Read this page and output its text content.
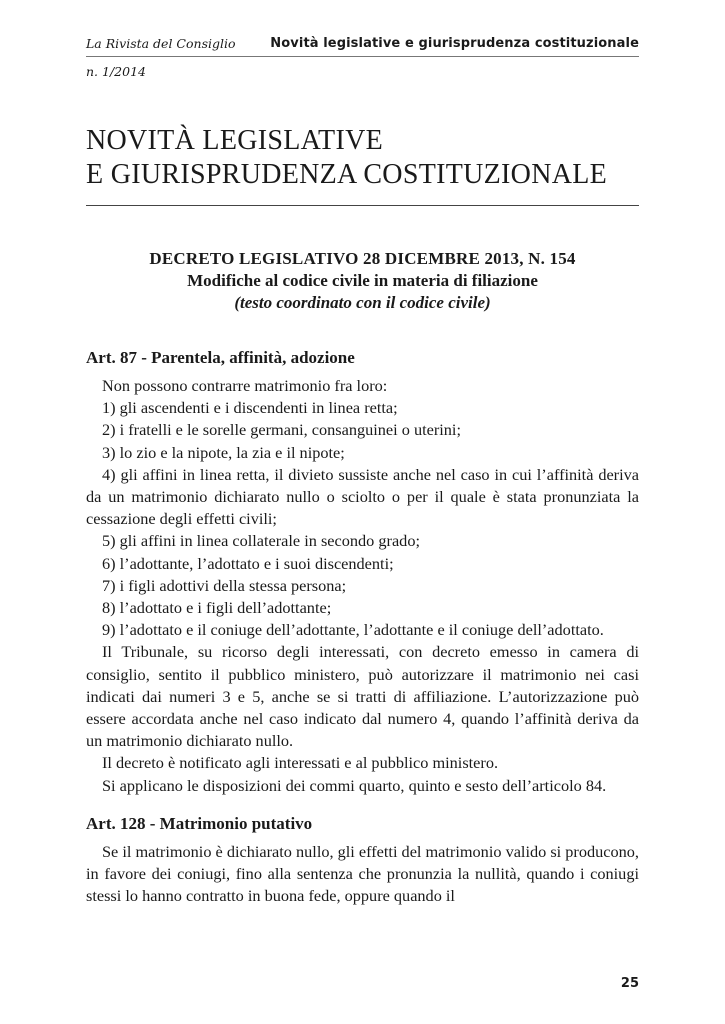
La Rivista del Consiglio	Novità legislative e giurisprudenza costituzionale
n. 1/2014
NOVITÀ LEGISLATIVE
E GIURISPRUDENZA COSTITUZIONALE
DECRETO LEGISLATIVO 28 DICEMBRE 2013, N. 154
Modifiche al codice civile in materia di filiazione
(testo coordinato con il codice civile)
Art. 87 - Parentela, affinità, adozione

Non possono contrarre matrimonio fra loro:

1) gli ascendenti e i discendenti in linea retta;

2) i fratelli e le sorelle germani, consanguinei o uterini;

3) lo zio e la nipote, la zia e il nipote;

4) gli affini in linea retta, il divieto sussiste anche nel caso in cui l’affinità deriva da un matrimonio dichiarato nullo o sciolto o per il quale è stata pronunziata la cessazione degli effetti civili;

5) gli affini in linea collaterale in secondo grado;

6) l’adottante, l’adottato e i suoi discendenti;

7) i figli adottivi della stessa persona;

8) l’adottato e i figli dell’adottante;

9) l’adottato e il coniuge dell’adottante, l’adottante e il coniuge dell’adottato.

Il Tribunale, su ricorso degli interessati, con decreto emesso in camera di consiglio, sentito il pubblico ministero, può autorizzare il matrimonio nei casi indicati dai numeri 3 e 5, anche se si tratti di affiliazione. L’autorizzazione può essere accordata anche nel caso indicato dal numero 4, quando l’affinità deriva da un matrimonio dichiarato nullo.

Il decreto è notificato agli interessati e al pubblico ministero.

Si applicano le disposizioni dei commi quarto, quinto e sesto dell’articolo 84.

Art. 128 - Matrimonio putativo

Se il matrimonio è dichiarato nullo, gli effetti del matrimonio valido si producono, in favore dei coniugi, fino alla sentenza che pronunzia la nullità, quando i coniugi stessi lo hanno contratto in buona fede, oppure quando il

25
